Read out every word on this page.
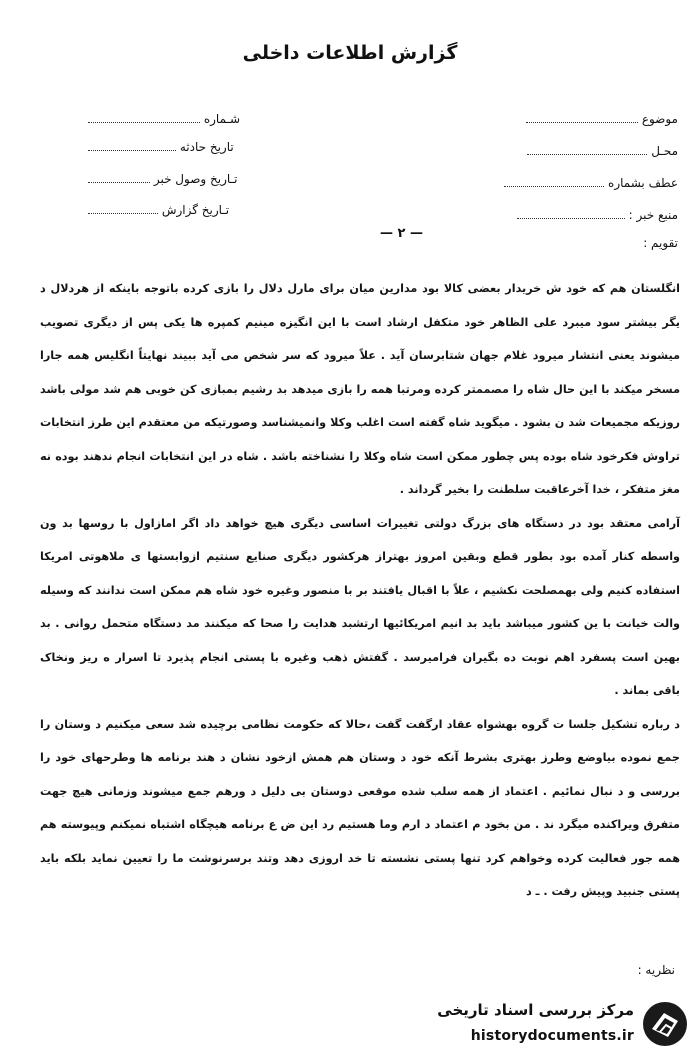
گزارش اطلاعات داخلی
موضوع
محـل
عطف بشماره
منبع خبر :
تقویم :
شـماره
تاریخ حادثه
تـاریخ وصول خبر
تـاریخ گزارش
— ۲ —

انگلستان هم که خود ش خریدار بعضی کالا بود مدارین میان برای مارل دلال را بازی کرده باتوجه باینکه از هردلال د یگر بیشتر سود میبرد علی الظاهر خود متکفل ارشاد است با این انگیزه مینیم کمپره ها یکی پس از دیگری تصویب میشوند یعنی انتشار میرود غلام جهان شتابرسان آید . علاً میرود که سر شخص می آید ببیند نهایتاً انگلیس همه جارا مسخر میکند با این حال شاه را مصممتر کرده ومرتبا همه را بازی میدهد بد رشیم بمبازی کن خوبی هم شد مولی باشد روزیکه مجمیعات شد ن بشود . میگوید شاه گفته است اغلب وکلا وانمیشناسد وصورتیکه من معتقدم این طرز انتخابات تراوش فکرخود شاه بوده پس چطور ممکن است شاه وکلا را نشناخته باشد . شاه در این انتخابات انجام ندهند بوده نه مغز متفکر ، خدا آخرعاقبت سلطنت را بخیر گرداند .

آرامی معتقد بود در دستگاه های بزرگ دولتی تغییرات اساسی دیگری هیچ خواهد داد اگر امازاول با روسها بد ون واسطه کنار آمده بود بطور قطع وبقین امروز بهتراز هرکشور دیگری صنایع سنتیم ازوابستها ی ملاهوتی امریکا استفاده کنیم ولی بهمصلحت نکشیم ، علاً با اقبال یافتند بر با منصور وغیره خود شاه هم ممکن است ندانند که وسیله والت خیانت با ین کشور میباشد باید بد انیم امریکائیها ارتشبد هدایت را صحا که میکنند مد دستگاه متحمل روانی . بد بهین است پسفرد اهم نوبت ده بگیران فرامیرسد . گفتش ذهب وغیره با پستی انجام پذیرد تا اسرار ه ریز ونخاک باقی بماند .

د رباره تشکیل جلسا ت گروه بهشواه عقاد ارگفت گفت ،حالا که حکومت نظامی برچیده شد سعی میکنیم د وستان را جمع نموده بیاوضع وطرز بهتری بشرط آنکه خود د وستان هم همش ازخود نشان د هند برنامه ها وطرحهای خود را بررسی و د نبال نمائیم . اعتماد از همه سلب شده موقعی دوستان بی دلیل د ورهم جمع میشوند وزمانی هیچ جهت متفرق ویراکنده میگرد ند . من بخود م اعتماد د ارم وما هستیم رد این ض ع برنامه هیچگاه اشتباه نمیکنم وپیوسته هم همه جور فعالیت کرده وخواهم کرد تنها پستی نشسته تا خد اروزی دهد وتند برسرنوشت ما را تعیین نماید بلکه باید پستی جنبید وپیش رفت . ـ د

نظریه :
مرکز بررسی اسناد تاریخی
historydocuments.ir
